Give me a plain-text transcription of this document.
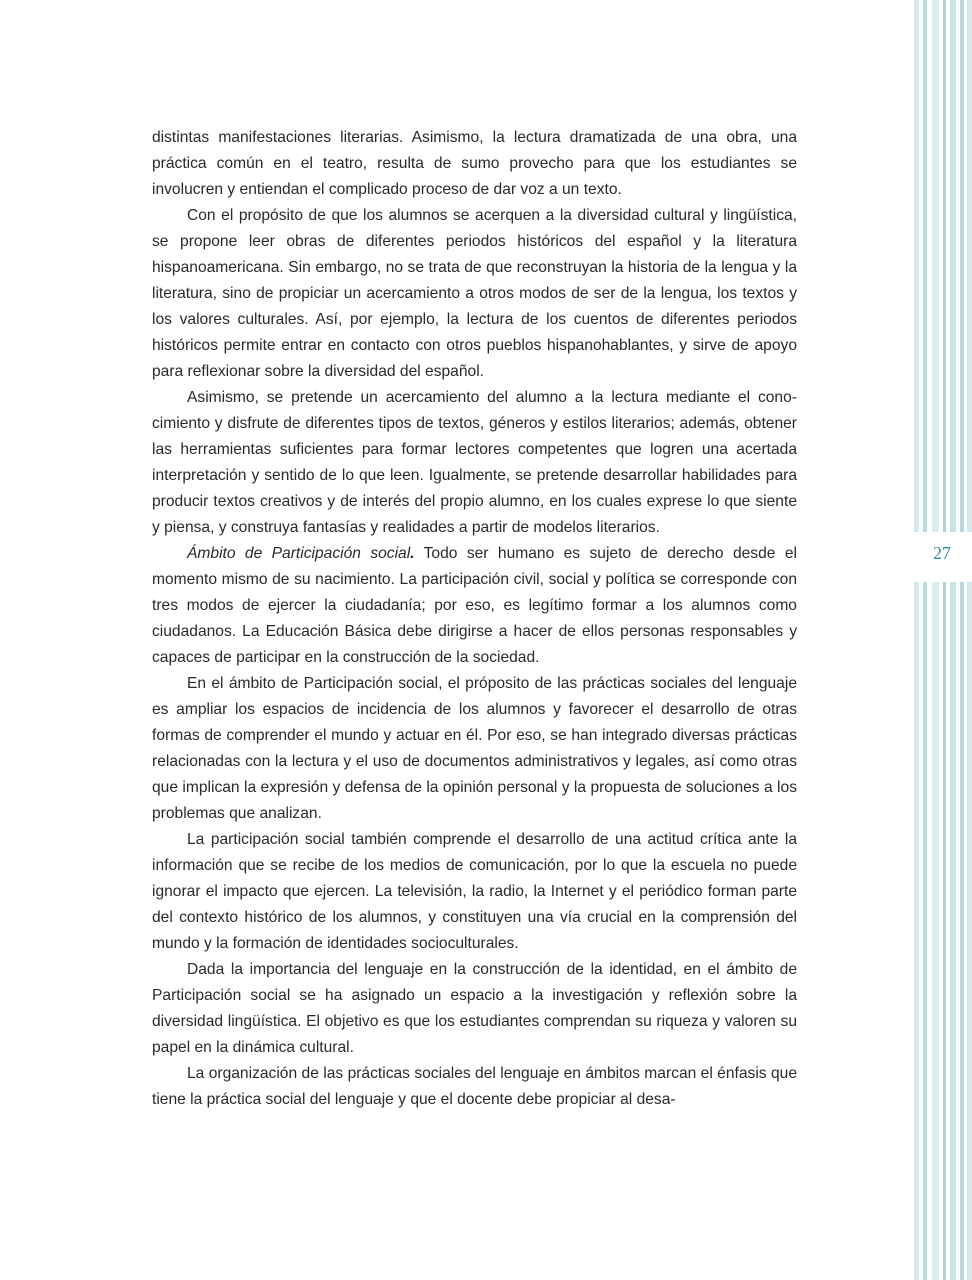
27

distintas manifestaciones literarias. Asimismo, la lectura dramatizada de una obra, una práctica común en el teatro, resulta de sumo provecho para que los estudiantes se involucren y entiendan el complicado proceso de dar voz a un texto.

Con el propósito de que los alumnos se acerquen a la diversidad cultural y lingüística, se propone leer obras de diferentes periodos históricos del español y la literatura hispanoamericana. Sin embargo, no se trata de que reconstruyan la historia de la lengua y la literatura, sino de propiciar un acercamiento a otros modos de ser de la lengua, los textos y los valores culturales. Así, por ejemplo, la lectura de los cuentos de diferentes periodos históricos permite entrar en contacto con otros pueblos hispanohablantes, y sirve de apoyo para reflexionar sobre la diversidad del español.

Asimismo, se pretende un acercamiento del alumno a la lectura mediante el conocimiento y disfrute de diferentes tipos de textos, géneros y estilos literarios; además, obtener las herramientas suficientes para formar lectores competentes que logren una acertada interpretación y sentido de lo que leen. Igualmente, se pretende desarrollar habilidades para producir textos creativos y de interés del propio alumno, en los cuales exprese lo que siente y piensa, y construya fantasías y realidades a partir de modelos literarios.

Ámbito de Participación social. Todo ser humano es sujeto de derecho desde el momento mismo de su nacimiento. La participación civil, social y política se corresponde con tres modos de ejercer la ciudadanía; por eso, es legítimo formar a los alumnos como ciudadanos. La Educación Básica debe dirigirse a hacer de ellos personas responsables y capaces de participar en la construcción de la sociedad.

En el ámbito de Participación social, el próposito de las prácticas sociales del lenguaje es ampliar los espacios de incidencia de los alumnos y favorecer el desarrollo de otras formas de comprender el mundo y actuar en él. Por eso, se han integrado diversas prácticas relacionadas con la lectura y el uso de documentos administrativos y legales, así como otras que implican la expresión y defensa de la opinión personal y la propuesta de soluciones a los problemas que analizan.

La participación social también comprende el desarrollo de una actitud crítica ante la información que se recibe de los medios de comunicación, por lo que la escuela no puede ignorar el impacto que ejercen. La televisión, la radio, la Internet y el periódico forman parte del contexto histórico de los alumnos, y constituyen una vía crucial en la comprensión del mundo y la formación de identidades socioculturales.

Dada la importancia del lenguaje en la construcción de la identidad, en el ámbito de Participación social se ha asignado un espacio a la investigación y reflexión sobre la diversidad lingüística. El objetivo es que los estudiantes comprendan su riqueza y valoren su papel en la dinámica cultural.

La organización de las prácticas sociales del lenguaje en ámbitos marcan el énfasis que tiene la práctica social del lenguaje y que el docente debe propiciar al desa-
